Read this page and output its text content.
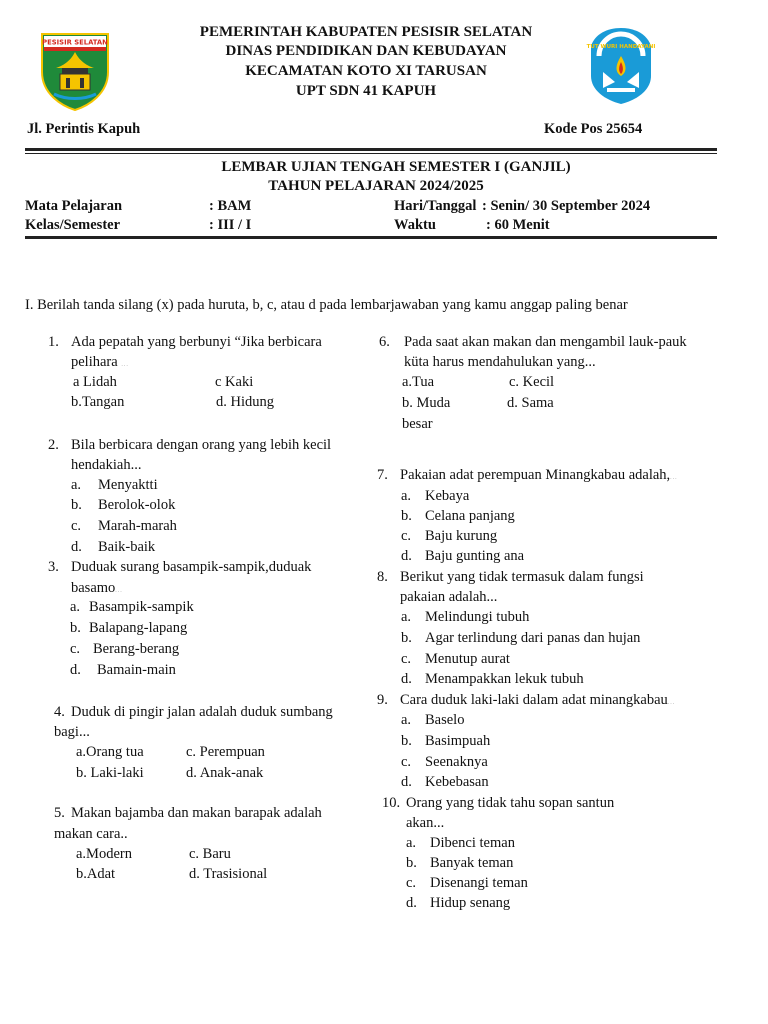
PESISIR SELATAN
TUT WURI HANDAYANI
PEMERINTAH KABUPATEN PESISIR SELATAN
DINAS PENDIDIKAN DAN KEBUDAYAN
KECAMATAN KOTO XI TARUSAN
UPT SDN 41 KAPUH
Jl. Perintis Kapuh	Kode Pos 25654
LEMBAR UJIAN TENGAH SEMESTER I (GANJIL)
TAHUN PELAJARAN 2024/2025
Mata Pelajaran	: BAM	Hari/Tanggal : Senin/ 30 September 2024
Kelas/Semester	: III / I	Waktu	: 60 Menit
I. Berilah tanda silang (x) pada huruta, b, c, atau d pada lembarjawaban yang kamu anggap paling benar
1. Ada pepatah yang berbunyi “Jika berbicara
pelihara ...
a Lidah	c Kaki
b.Tangan	d. Hidung
2. Bila berbicara dengan orang yang lebih kecil
hendakiah...
a. Menyaktti
b. Berolok-olok
c. Marah-marah
d. Baik-baik
3. Duduak surang basampik-sampik,duduak
basamo...
a. Basampik-sampik
b. Balapang-lapang
c. Berang-berang
d. Bamain-main
4. Duduk di pingir jalan adalah duduk sumbang
bagi...
a.Orang tua	c. Perempuan
b. Laki-laki	d. Anak-anak
5. Makan bajamba dan makan barapak adalah
makan cara..
a.Modern	c. Baru
b.Adat	d. Trasisional
6. Pada saat akan makan dan mengambil lauk-pauk
küta harus mendahulukan yang...
a.Tua	c. Kecil
b. Muda	d. Sama
besar
7. Pakaian adat perempuan Minangkabau adalah,...
a. Kebaya
b. Celana panjang
c. Baju kurung
d. Baju gunting ana
8. Berikut yang tidak termasuk dalam fungsi
pakaian adalah...
a. Melindungi tubuh
b. Agar terlindung dari panas dan hujan
c. Menutup aurat
d. Menampakkan lekuk tubuh
9. Cara duduk laki-laki dalam adat minangkabau...
a. Baselo
b. Basimpuah
c. Seenaknya
d. Kebebasan
10. Orang yang tidak tahu sopan santun
akan...
a. Dibenci teman
b. Banyak teman
c. Disenangi teman
d. Hidup senang
